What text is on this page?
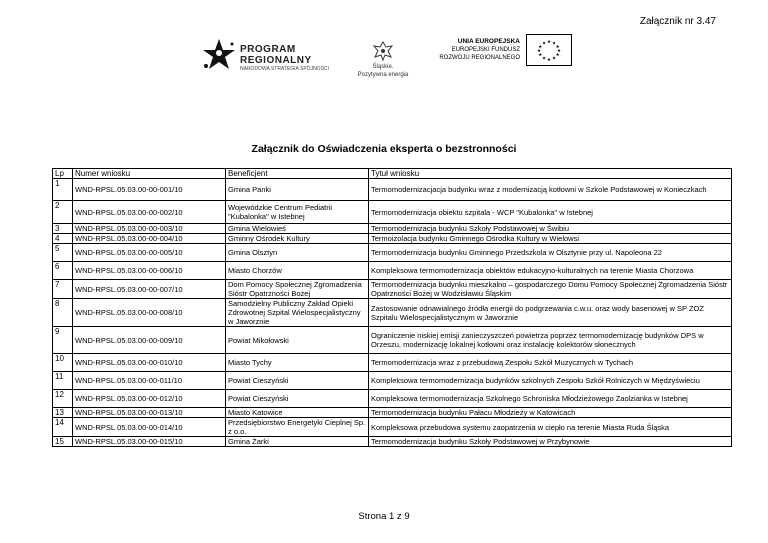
Załącznik nr 3.47
PROGRAM
REGIONALNY
NARODOWA STRATEGIA SPÓJNOŚCI	Śląskie.
Pozytywna energia
UNIA EUROPEJSKA
EUROPEJSKI FUNDUSZ
ROZWOJU REGIONALNEGO
★ ★
★
★
★
★
★
★
★
★
★
★
Załącznik do Oświadczenia eksperta o bezstronności
Lp	Numer wniosku	Beneficjent	Tytuł wniosku
1	WND-RPSL.05.03.00-00-001/10	Gmina Panki	Termomodernizacjacja budynku wraz z modernizacją kotłowni w Szkole Podstawowej w Konieczkach
2	WND-RPSL.05.03.00-00-002/10	Wojewódzkie Centrum Pediatrii "Kubalonka" w Istebnej	Termomodernizacja obiektu szpitala - WCP "Kubalonka" w Istebnej
3	WND-RPSL.05.03.00-00-003/10	Gmina Wielowieś	Termomodernizacja budynku Szkoły Podstawowej w Świbiu
4	WND-RPSL.05.03.00-00-004/10	Gminny Ośrodek Kultury	Termoizolacja budynku Gminnego Ośrodka Kultury w Wielowsi
5	WND-RPSL.05.03.00-00-005/10	Gmina Olsztyn	Termomodernizacja budynku Gminnego Przedszkola w Olsztynie przy ul. Napoleona 22
6	WND-RPSL.05.03.00-00-006/10	Miasto Chorzów	Kompleksowa termomodernizacja obiektów edukacyjno-kulturalnych na terenie Miasta Chorzowa
7	WND-RPSL.05.03.00-00-007/10	Dom Pomocy Społecznej Zgromadzenia Sióstr Opatrzności Bożej	Termomodernizacja budynku mieszkalno – gospodarczego Domu Pomocy Społecznej Zgromadzenia Sióstr Opatrzności Bożej w Wodzisławiu Śląskim
8	WND-RPSL.05.03.00-00-008/10	Samodzielny Publiczny Zakład Opieki Zdrowotnej Szpital Wielospecjalistyczny w Jaworznie	Zastosowanie odnawialnego źródła energii do podgrzewania c.w.u. oraz wody basenowej w SP ZOZ Szpitalu Wielospecjalistycznym w Jaworznie
9	WND-RPSL.05.03.00-00-009/10	Powiat Mikołowski	Ograniczenie niskiej emisji zanieczyszczeń powietrza poprzez termomodernizację budynków DPS w Orzeszu, modernizację lokalnej kotłowni oraz instalację kolektorów słonecznych
10	WND-RPSL.05.03.00-00-010/10	Miasto Tychy	Termomodernizacja wraz z przebudową Zespołu Szkół Muzycznych w Tychach
11	WND-RPSL.05.03.00-00-011/10	Powiat Cieszyński	Kompleksowa termomodernizacja budynków szkolnych Zespołu Szkół Rolniczych w Międzyświeciu
12	WND-RPSL.05.03.00-00-012/10	Powiat Cieszyński	Kompleksowa termomodernizacja Szkolnego Schroniska Młodzieżowego Zaolzianka w Istebnej
13	WND-RPSL.05.03.00-00-013/10	Miasto Katowice	Termomodernizacja budynku Pałacu Młodzieży w Katowicach
14	WND-RPSL.05.03.00-00-014/10	Przedsiębiorstwo Energetyki Cieplnej Sp. z o.o.	Kompleksowa przebudowa systemu zaopatrzenia w ciepło na terenie Miasta Ruda Śląska
15	WND-RPSL.05.03.00-00-015/10	Gmina Żarki	Termomodernizacja budynku Szkoły Podstawowej w Przybynowie
Strona 1 z 9
